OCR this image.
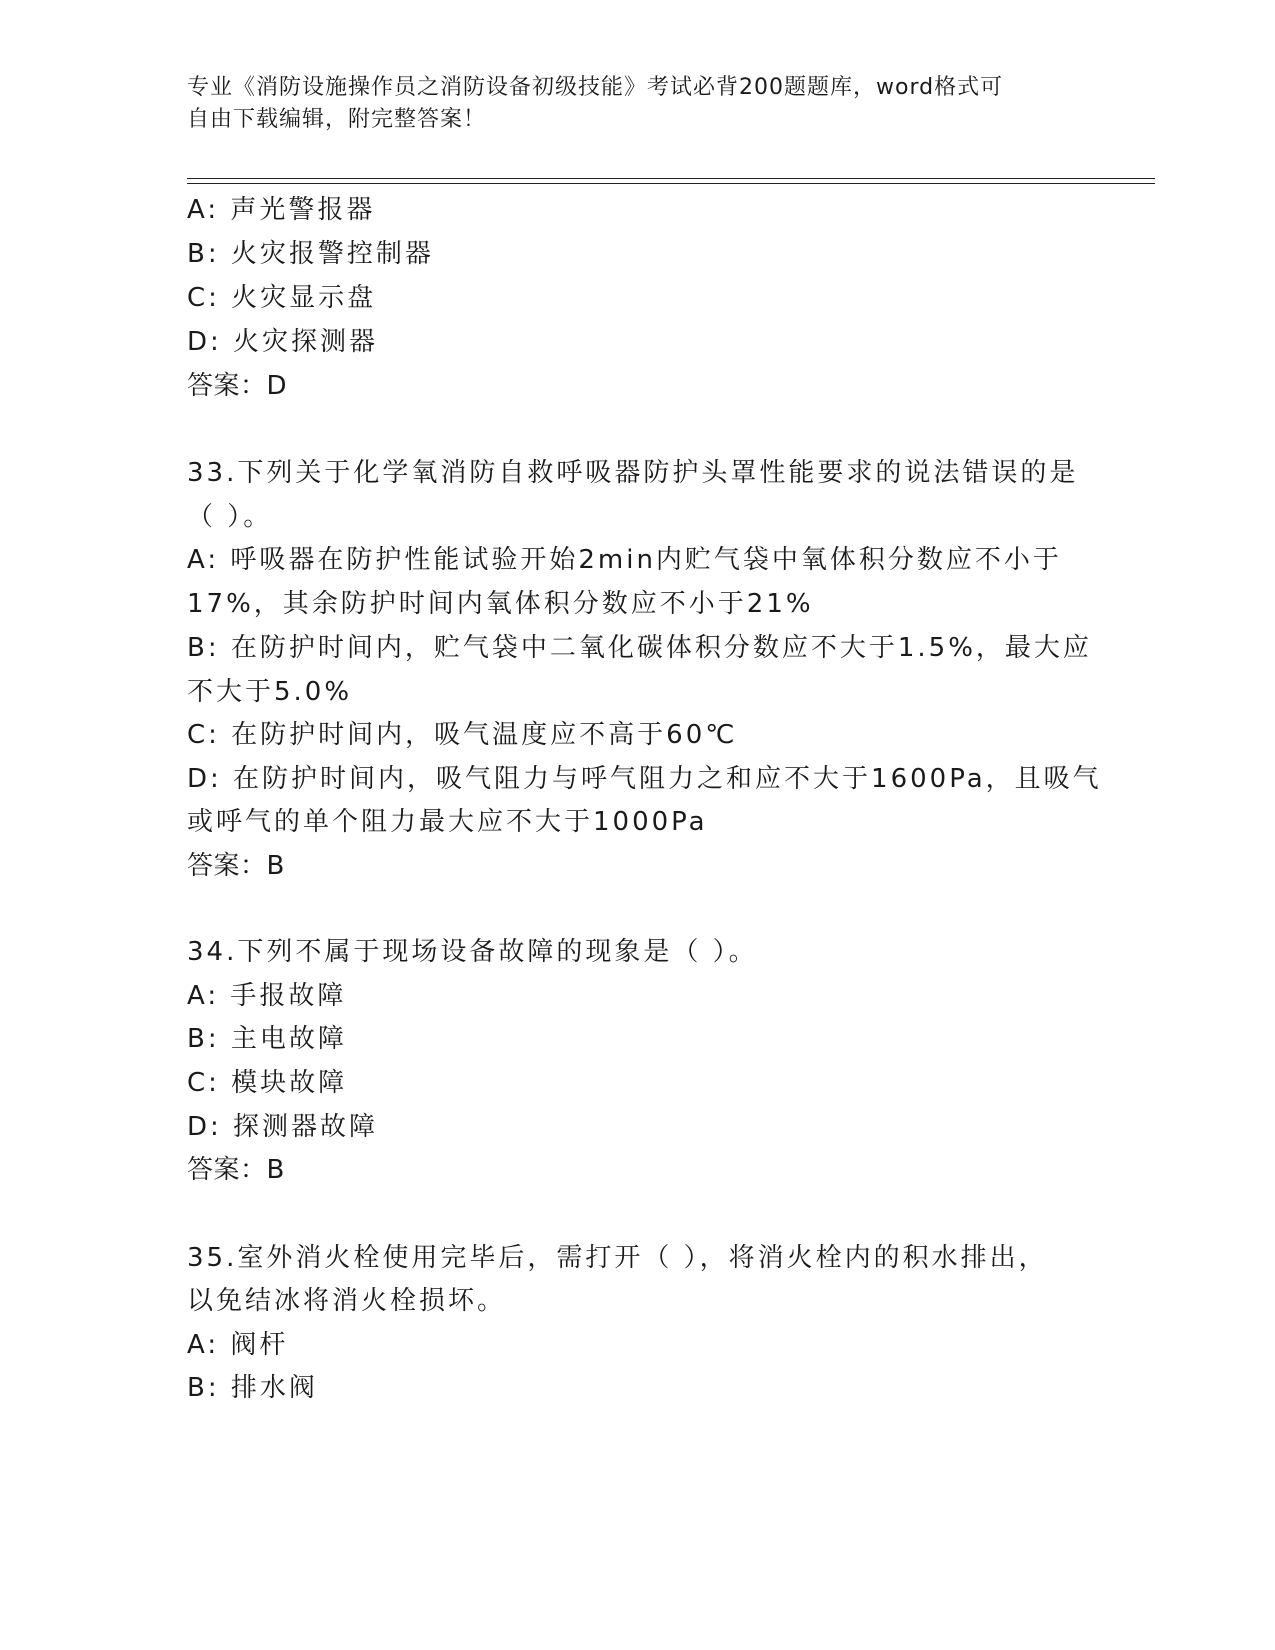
专业《消防设施操作员之消防设备初级技能》考试必背200题题库，word格式可
自由下载编辑，附完整答案！
A: 声光警报器
B: 火灾报警控制器
C: 火灾显示盘
D: 火灾探测器
答案：D
33.下列关于化学氧消防自救呼吸器防护头罩性能要求的说法错误的是
（ ）。
A: 呼吸器在防护性能试验开始2min内贮气袋中氧体积分数应不小于
17%，其余防护时间内氧体积分数应不小于21%
B: 在防护时间内，贮气袋中二氧化碳体积分数应不大于1.5%，最大应
不大于5.0%
C: 在防护时间内，吸气温度应不高于60℃
D: 在防护时间内，吸气阻力与呼气阻力之和应不大于1600Pa，且吸气
或呼气的单个阻力最大应不大于1000Pa
答案：B
34.下列不属于现场设备故障的现象是（ ）。
A: 手报故障
B: 主电故障
C: 模块故障
D: 探测器故障
答案：B
35.室外消火栓使用完毕后，需打开（ ），将消火栓内的积水排出，
以免结冰将消火栓损坏。
A: 阀杆
B: 排水阀
